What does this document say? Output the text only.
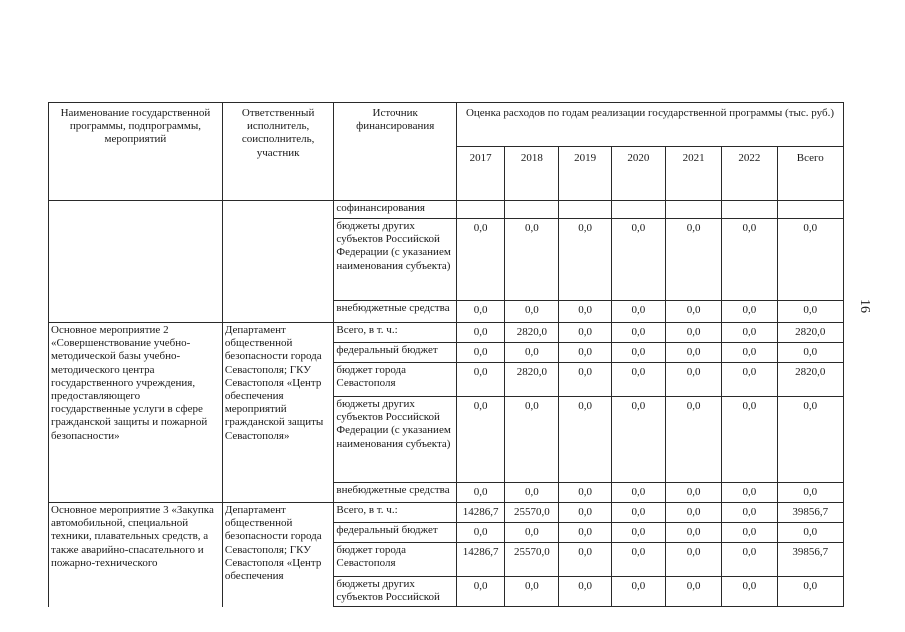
Наименование государственной программы, подпрограммы, мероприятий	Ответственный исполнитель, соисполнитель, участник	Источник финансирования	Оценка расходов по годам реализации государственной программы (тыс. руб.)						
			2017	2018	2019	2020	2021	2022	Всего
		софинансирования							
		бюджеты других субъектов Российской Федерации (с указанием наименования субъекта)	0,0	0,0	0,0	0,0	0,0	0,0	0,0
		внебюджетные средства	0,0	0,0	0,0	0,0	0,0	0,0	0,0
Основное мероприятие 2 «Совершенствование учебно-методической базы учебно-методического центра государственного учреждения, предоставляющего государственные услуги в сфере гражданской защиты и пожарной безопасности»	Департамент общественной безопасности города Севастополя; ГКУ Севастополя «Центр обеспечения мероприятий гражданской защиты Севастополя»	Всего, в т. ч.:	0,0	2820,0	0,0	0,0	0,0	0,0	2820,0
		федеральный бюджет	0,0	0,0	0,0	0,0	0,0	0,0	0,0
		бюджет города Севастополя	0,0	2820,0	0,0	0,0	0,0	0,0	2820,0
		бюджеты других субъектов Российской Федерации (с указанием наименования субъекта)	0,0	0,0	0,0	0,0	0,0	0,0	0,0
		внебюджетные средства	0,0	0,0	0,0	0,0	0,0	0,0	0,0
Основное мероприятие 3 «Закупка автомобильной, специальной техники, плавательных средств, а также аварийно-спасательного и пожарно-технического	Департамент общественной безопасности города Севастополя; ГКУ Севастополя «Центр обеспечения	Всего, в т. ч.:	14286,7	25570,0	0,0	0,0	0,0	0,0	39856,7
		федеральный бюджет	0,0	0,0	0,0	0,0	0,0	0,0	0,0
		бюджет города Севастополя	14286,7	25570,0	0,0	0,0	0,0	0,0	39856,7
		бюджеты других субъектов Российской	0,0	0,0	0,0	0,0	0,0	0,0	0,0
16
